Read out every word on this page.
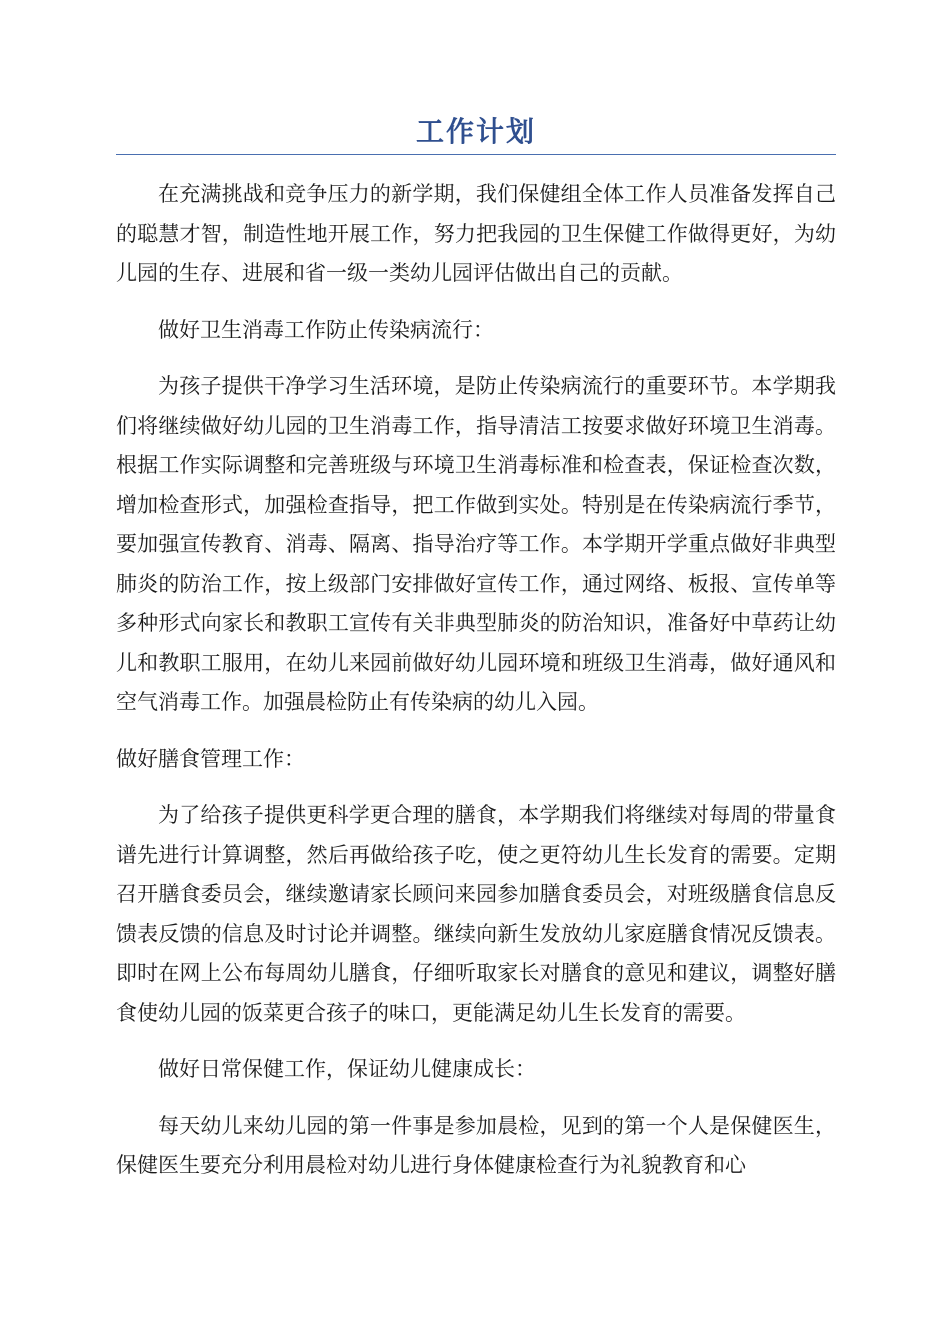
工作计划

在充满挑战和竞争压力的新学期，我们保健组全体工作人员准备发挥自己的聪慧才智，制造性地开展工作，努力把我园的卫生保健工作做得更好，为幼儿园的生存、进展和省一级一类幼儿园评估做出自己的贡献。

做好卫生消毒工作防止传染病流行：

为孩子提供干净学习生活环境，是防止传染病流行的重要环节。本学期我们将继续做好幼儿园的卫生消毒工作，指导清洁工按要求做好环境卫生消毒。根据工作实际调整和完善班级与环境卫生消毒标准和检查表，保证检查次数，增加检查形式，加强检查指导，把工作做到实处。特别是在传染病流行季节，要加强宣传教育、消毒、隔离、指导治疗等工作。本学期开学重点做好非典型肺炎的防治工作，按上级部门安排做好宣传工作，通过网络、板报、宣传单等多种形式向家长和教职工宣传有关非典型肺炎的防治知识，准备好中草药让幼儿和教职工服用，在幼儿来园前做好幼儿园环境和班级卫生消毒，做好通风和空气消毒工作。加强晨检防止有传染病的幼儿入园。

做好膳食管理工作：

为了给孩子提供更科学更合理的膳食，本学期我们将继续对每周的带量食谱先进行计算调整，然后再做给孩子吃，使之更符幼儿生长发育的需要。定期召开膳食委员会，继续邀请家长顾问来园参加膳食委员会，对班级膳食信息反馈表反馈的信息及时讨论并调整。继续向新生发放幼儿家庭膳食情况反馈表。即时在网上公布每周幼儿膳食，仔细听取家长对膳食的意见和建议，调整好膳食使幼儿园的饭菜更合孩子的味口，更能满足幼儿生长发育的需要。

做好日常保健工作，保证幼儿健康成长：

每天幼儿来幼儿园的第一件事是参加晨检，见到的第一个人是保健医生，保健医生要充分利用晨检对幼儿进行身体健康检查行为礼貌教育和心
